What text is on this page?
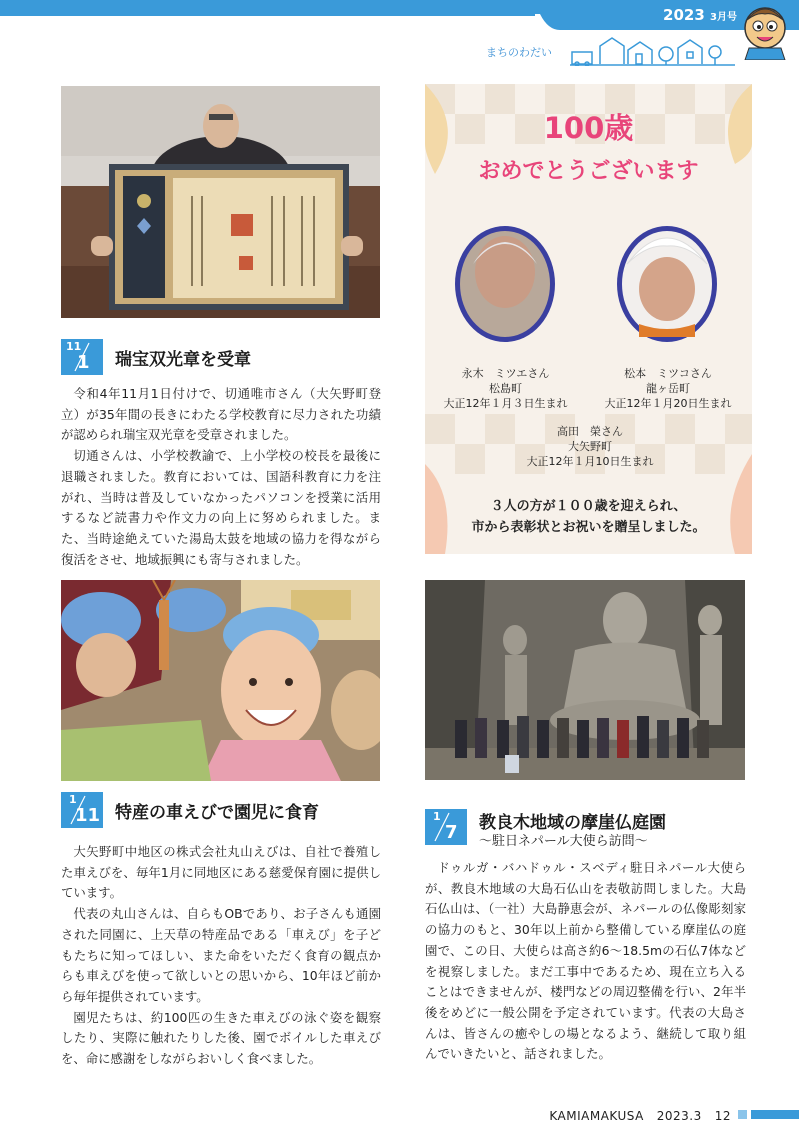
2023 3月号
まちのわだい
11
1 瑞宝双光章を受章

令和4年11月1日付けで、切通唯市さん（大矢野町登立）が35年間の長きにわたる学校教育に尽力された功績が認められ瑞宝双光章を受章されました。

切通さんは、小学校教諭で、上小学校の校長を最後に退職されました。教育においては、国語科教育に力を注がれ、当時は普及していなかったパソコンを授業に活用するなど読書力や作文力の向上に努められました。また、当時途絶えていた湯島太鼓を地域の協力を得ながら復活をさせ、地域振興にも寄与されました。

100歳
おめでとうございます
永木　ミツエさん
松島町
大正12年１月３日生まれ
松本　ミツコさん
龍ヶ岳町
大正12年１月20日生まれ
高田　榮さん
大矢野町
大正12年１月10日生まれ
３人の方が１００歳を迎えられ、
市から表彰状とお祝いを贈呈しました。
1
11 特産の車えびで園児に食育

大矢野町中地区の株式会社丸山えびは、自社で養殖した車えびを、毎年1月に同地区にある慈愛保育園に提供しています。

代表の丸山さんは、自らもOBであり、お子さんも通園された同園に、上天草の特産品である「車えび」を子どもたちに知ってほしい、また命をいただく食育の観点からも車えびを使って欲しいとの思いから、10年ほど前から毎年提供されています。

園児たちは、約100匹の生きた車えびの泳ぐ姿を観察したり、実際に触れたりした後、園でボイルした車えびを、命に感謝をしながらおいしく食べました。

1
7 教良木地域の摩崖仏庭園
～駐日ネパール大使ら訪問～

ドゥルガ・バハドゥル・スベディ駐日ネパール大使らが、教良木地域の大島石仏山を表敬訪問しました。大島石仏山は、（一社）大島静恵会が、ネパールの仏像彫刻家の協力のもと、30年以上前から整備している摩崖仏の庭園で、この日、大使らは高さ約6～18.5mの石仏7体などを視察しました。まだ工事中であるため、現在立ち入ることはできませんが、楼門などの周辺整備を行い、2年半後をめどに一般公開を予定されています。代表の大島さんは、皆さんの癒やしの場となるよう、継続して取り組んでいきたいと、話されました。

KAMIAMAKUSA 2023.3 12
